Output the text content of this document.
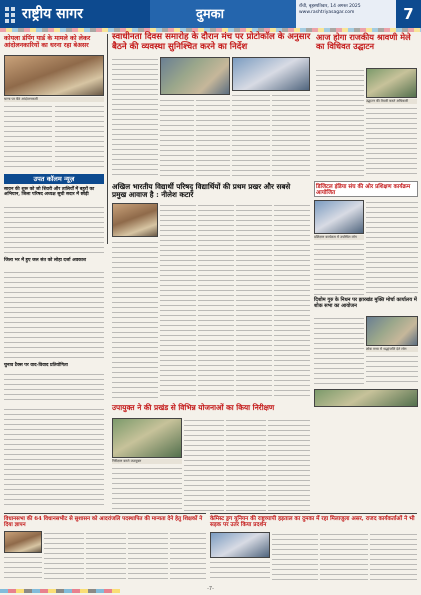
राष्ट्रीय सागर	दुमका
राँची, बृहस्पतिवार, 14 अगस्त 2025
www.rashtriyasagar.com	7
कोयला डंपिंग यार्ड के मामले को लेकर आंदोलनकारियों का धरना रहा बेअसर
धरना पर बैठे आंदोलनकारी
स्वाधीनता दिवस समारोह के दौरान मंच पर प्रोटोकॉल के अनुसार बैठने की व्यवस्था सुनिश्चित करने का निर्देश
आज होगा राजकीय श्रावणी मेले का विधिवत उद्घाटन
उद्घाटन की तैयारी करते अधिकारी
उपत कॉलम न्यूज़
सावन की शुरू को जो शिवरी और तालियोँ में बहुरों का अभियान, जिला परिषद अध्यक्ष सूची सदार में छोड़ी
जिला भर में हुए जल संत को लोहा दर्जा अवकाश
चुनाव टैक्स पर वाद-विवाद प्रतियोगिता
अखिल भारतीय विद्यार्थी परिषद् विद्यार्थियों की प्रथम प्रखर और सबसे प्रमुख आवाज है : नीलेश कटारे
डिजिटल इंडिया संघ की ओर प्रशिक्षण कार्यक्रम आयोजित
प्रशिक्षण कार्यक्रम में उपस्थित लोग
दिशोम गुरु के निधन पर झारखंड मुक्ति मोर्चा कार्यालय में शोक सभा का आयोजन
शोक सभा में श्रद्धांजलि देते लोग
उपायुक्त ने की प्रखंड से विभिन्न योजनाओं का किया निरीक्षण
निरीक्षण करते उपायुक्त
विधानसभा की 64 विधानसभीट से सुशासन को आदरांजलि पदस्थापित की मान्यता देने हेतु शिक्षकों ने दिया ज्ञापन
केमिस्ट ड्रग यूनियन की राष्ट्रव्यापी हड़ताल का दुमका में रहा मिलाजुला असर, राजद कार्यकर्ताओं ने भी सड़क पर उतर किया प्रदर्शन
-7-
